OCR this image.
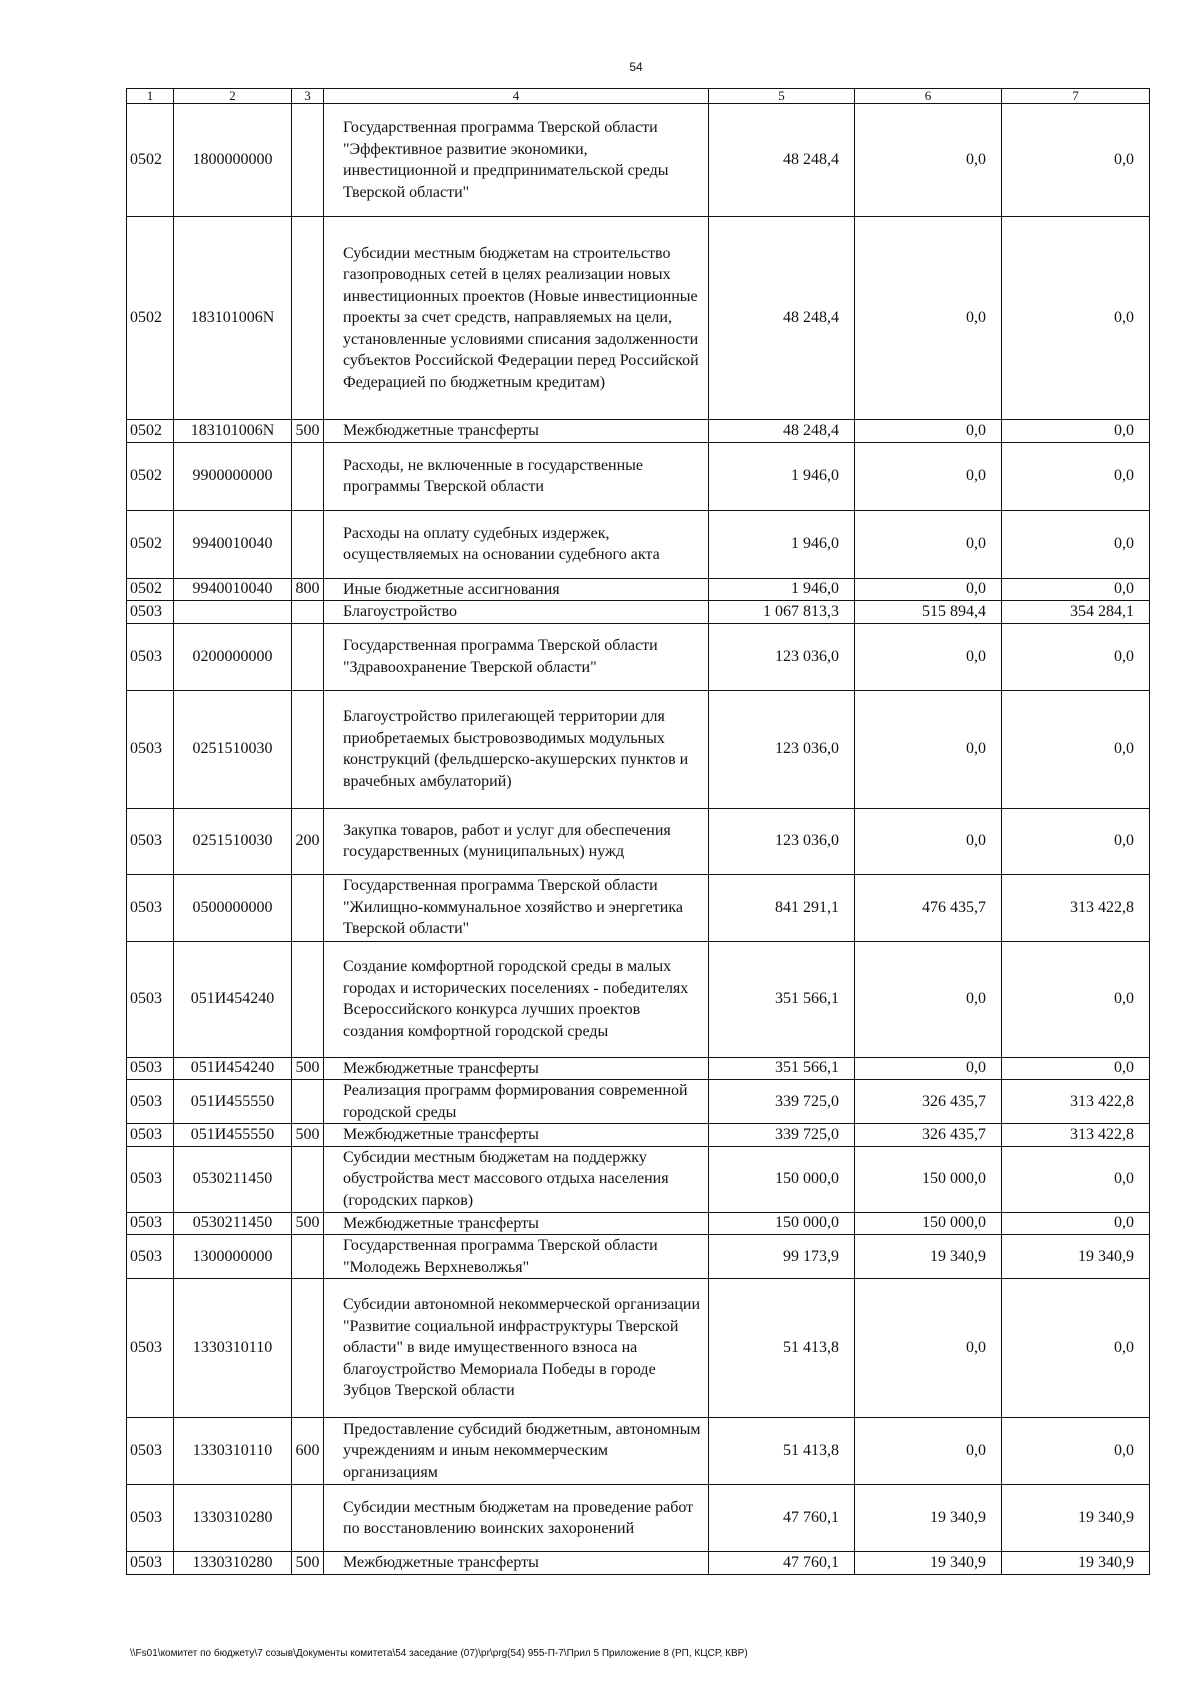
54
1	2	3	4	5	6	7
0502	1800000000		Государственная программа Тверской области "Эффективное развитие экономики, инвестиционной и предпринимательской среды Тверской области"	48 248,4	0,0	0,0
0502	183101006N		Субсидии местным бюджетам на строительство газопроводных сетей в целях реализации новых инвестиционных проектов (Новые инвестиционные проекты за счет средств, направляемых на цели, установленные условиями списания задолженности субъектов Российской Федерации перед Российской Федерацией по бюджетным кредитам)	48 248,4	0,0	0,0
0502	183101006N	500	Межбюджетные трансферты	48 248,4	0,0	0,0
0502	9900000000		Расходы, не включенные в государственные программы Тверской области	1 946,0	0,0	0,0
0502	9940010040		Расходы на оплату судебных издержек, осуществляемых на основании судебного акта	1 946,0	0,0	0,0
0502	9940010040	800	Иные бюджетные ассигнования	1 946,0	0,0	0,0
0503			Благоустройство	1 067 813,3	515 894,4	354 284,1
0503	0200000000		Государственная программа Тверской области "Здравоохранение Тверской области"	123 036,0	0,0	0,0
0503	0251510030		Благоустройство прилегающей территории для приобретаемых быстровозводимых модульных конструкций (фельдшерско-акушерских пунктов и врачебных амбулаторий)	123 036,0	0,0	0,0
0503	0251510030	200	Закупка товаров, работ и услуг для обеспечения государственных (муниципальных) нужд	123 036,0	0,0	0,0
0503	0500000000		Государственная программа Тверской области "Жилищно-коммунальное хозяйство и энергетика Тверской области"	841 291,1	476 435,7	313 422,8
0503	051И454240		Создание комфортной городской среды в малых городах и исторических поселениях - победителях Всероссийского конкурса лучших проектов создания комфортной городской среды	351 566,1	0,0	0,0
0503	051И454240	500	Межбюджетные трансферты	351 566,1	0,0	0,0
0503	051И455550		Реализация программ формирования современной городской среды	339 725,0	326 435,7	313 422,8
0503	051И455550	500	Межбюджетные трансферты	339 725,0	326 435,7	313 422,8
0503	0530211450		Субсидии местным бюджетам на поддержку обустройства мест массового отдыха населения (городских парков)	150 000,0	150 000,0	0,0
0503	0530211450	500	Межбюджетные трансферты	150 000,0	150 000,0	0,0
0503	1300000000		Государственная программа Тверской области "Молодежь Верхневолжья"	99 173,9	19 340,9	19 340,9
0503	1330310110		Субсидии автономной некоммерческой организации "Развитие социальной инфраструктуры Тверской области" в виде имущественного взноса на благоустройство Мемориала Победы в городе Зубцов Тверской области	51 413,8	0,0	0,0
0503	1330310110	600	Предоставление субсидий бюджетным, автономным учреждениям и иным некоммерческим организациям	51 413,8	0,0	0,0
0503	1330310280		Субсидии местным бюджетам на проведение работ по восстановлению воинских захоронений	47 760,1	19 340,9	19 340,9
0503	1330310280	500	Межбюджетные трансферты	47 760,1	19 340,9	19 340,9
\\Fs01\комитет по бюджету\7 созыв\Документы комитета\54 заседание (07)\pr\prg(54) 955-П-7\Прил 5 Приложение 8 (РП, КЦСР, КВР)
